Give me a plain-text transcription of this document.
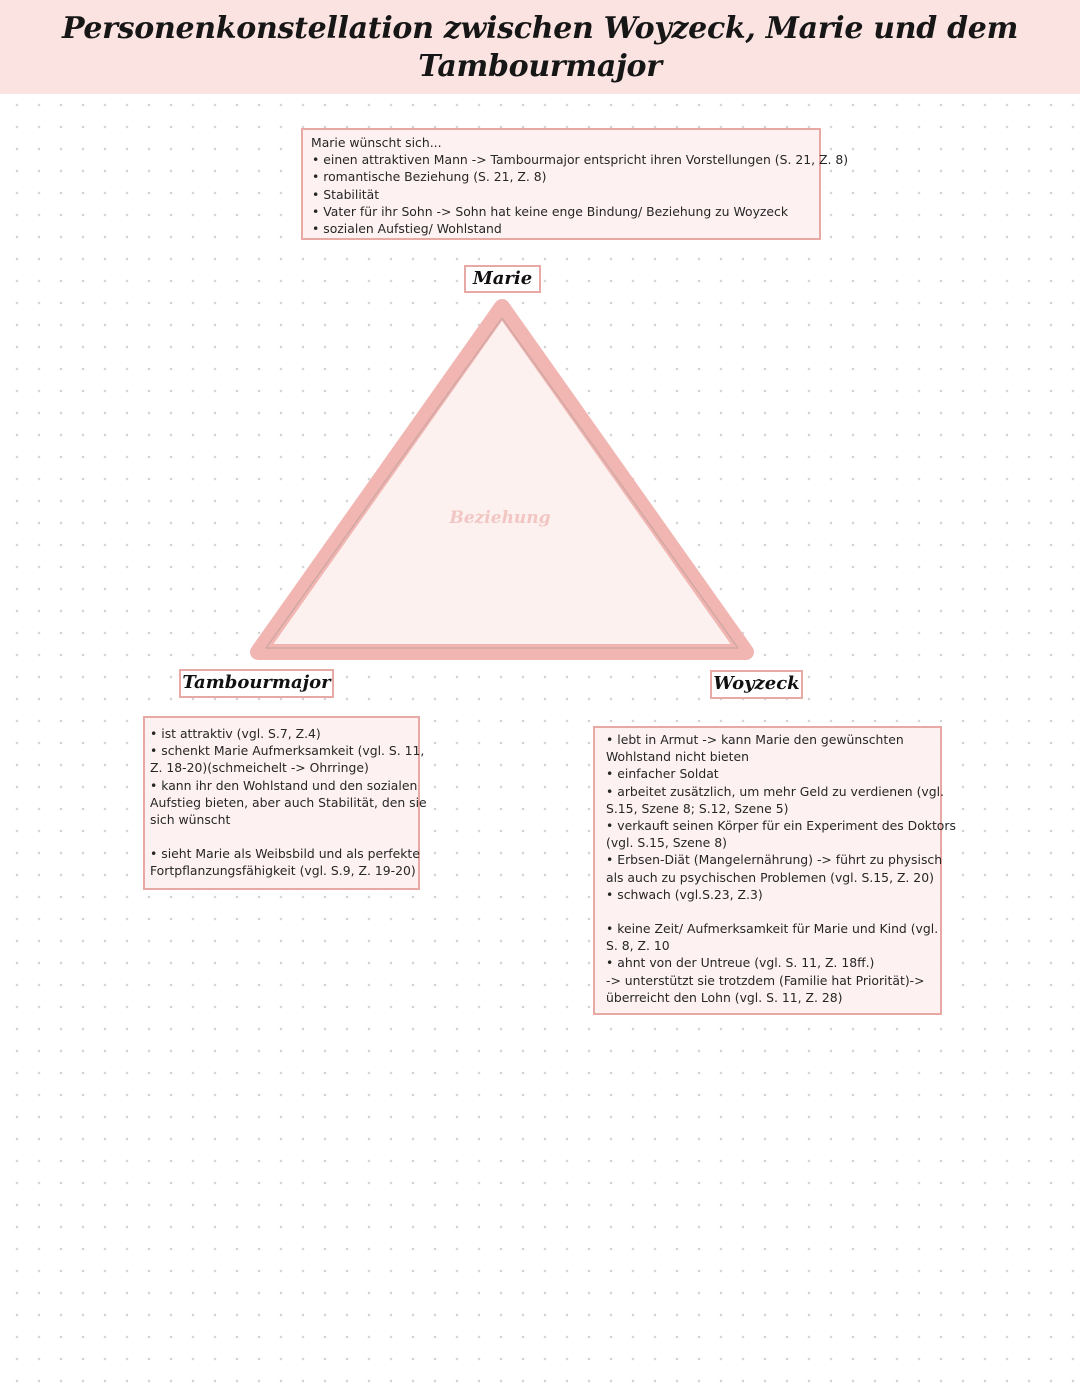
Personenkonstellation zwischen Woyzeck, Marie und dem
Tambourmajor
Marie wünscht sich...
• einen attraktiven Mann -> Tambourmajor entspricht ihren Vorstellungen (S. 21, Z. 8)
• romantische Beziehung (S. 21, Z. 8)
• Stabilität
• Vater für ihr Sohn -> Sohn hat keine enge Bindung/ Beziehung zu Woyzeck
• sozialen Aufstieg/ Wohlstand
Beziehung
Marie
Tambourmajor	Woyzeck
• ist attraktiv (vgl. S.7, Z.4)
• schenkt Marie Aufmerksamkeit (vgl. S. 11,
Z. 18-20)(schmeichelt -> Ohrringe)
• kann ihr den Wohlstand und den sozialen
Aufstieg bieten, aber auch Stabilität, den sie
sich wünscht
• sieht Marie als Weibsbild und als perfekte
Fortpflanzungsfähigkeit (vgl. S.9, Z. 19-20)
• lebt in Armut -> kann Marie den gewünschten
Wohlstand nicht bieten
• einfacher Soldat
• arbeitet zusätzlich, um mehr Geld zu verdienen (vgl.
S.15, Szene 8; S.12, Szene 5)
• verkauft seinen Körper für ein Experiment des Doktors
(vgl. S.15, Szene 8)
• Erbsen-Diät (Mangelernährung) -> führt zu physisch
als auch zu psychischen Problemen (vgl. S.15, Z. 20)
• schwach (vgl.S.23, Z.3)
• keine Zeit/ Aufmerksamkeit für Marie und Kind (vgl.
S. 8, Z. 10
• ahnt von der Untreue (vgl. S. 11, Z. 18ff.)
-> unterstützt sie trotzdem (Familie hat Priorität)->
überreicht den Lohn (vgl. S. 11, Z. 28)
